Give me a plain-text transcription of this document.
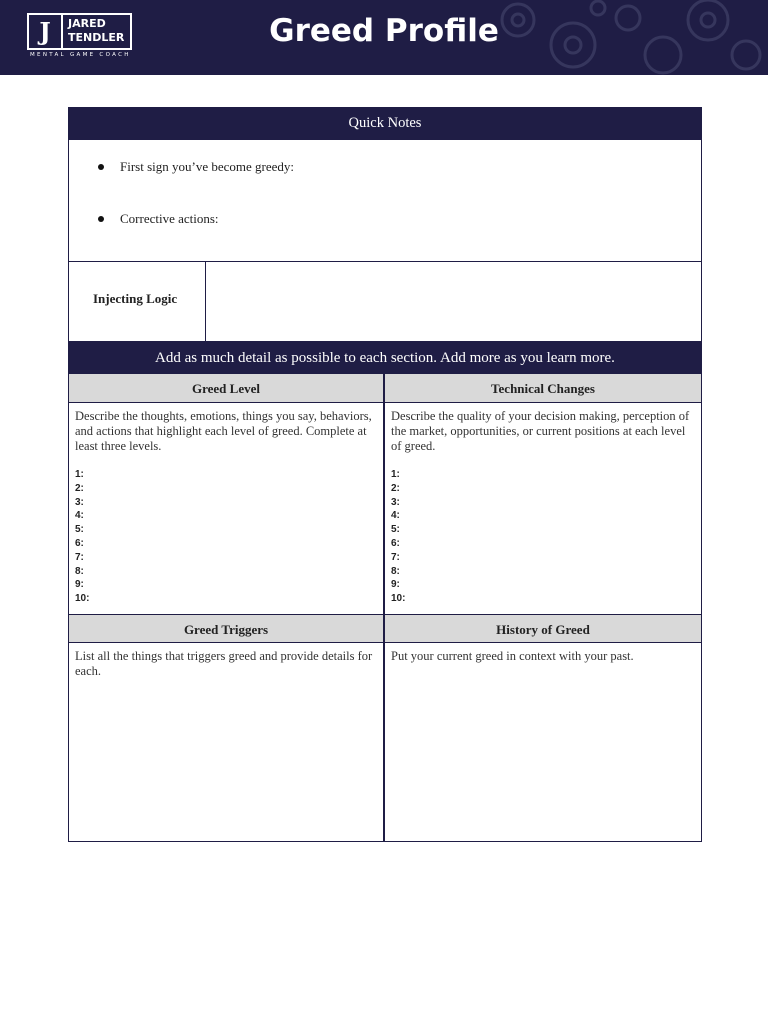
J	JARED
TENDLER
MENTAL GAME COACH
Greed Profile
Quick Notes
First sign you’ve become greedy:
Corrective actions:
Injecting Logic
Add as much detail as possible to each section. Add more as you learn more.
Greed Level
Describe the thoughts, emotions, things you say, behaviors, and actions that highlight each level of greed. Complete at least three levels.
1:
2:
3:
4:
5:
6:
7:
8:
9:
10:
Technical Changes
Describe the quality of your decision making, perception of the market, opportunities, or current positions at each level of greed.
1:
2:
3:
4:
5:
6:
7:
8:
9:
10:
Greed Triggers
List all the things that triggers greed and provide details for each.
History of Greed
Put your current greed in context with your past.
